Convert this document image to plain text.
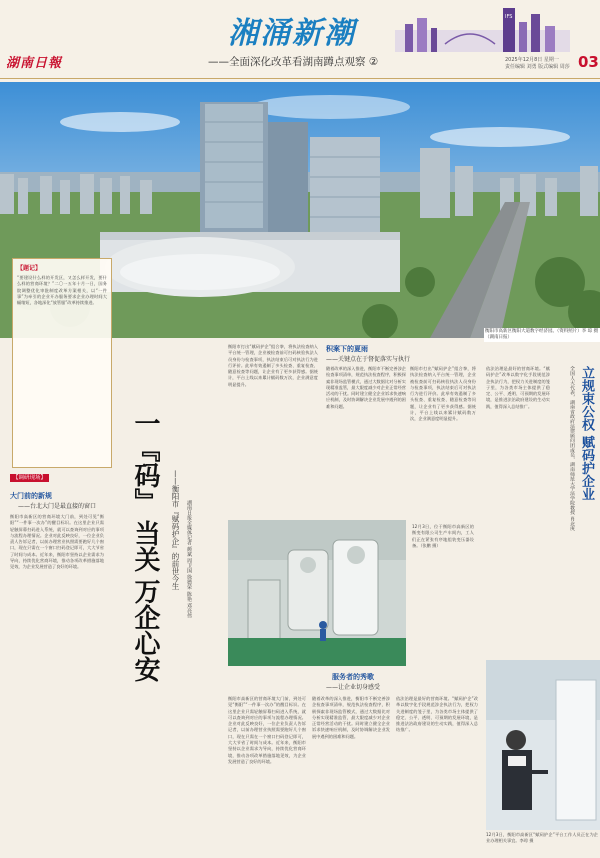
湖南日報
湘涌新潮
——全面深化改革看湖南蹲点观察 ②
IFS
2025年12月8日 星期一
责任编辑 刘勇 版式编辑 周莎 03
衡阳市高新区衡阳大道数字经济园。（资料照片）李 琼 摄（湖南日报）
【题记】
“要建设什么样的开发区，又怎么样开发，要什么样的营商环境？”二〇一五年十月一日，国务院调整优化审批制度改革方案相关，以“一件事”为牵引的企业开办服务要求企业办理时间大幅缩短，各地深化“放管服”改革持续推进。
【调研现场】
大门前的新规
——台北大门是最直接的窗口
衡阳市高新区的营商环境大门前，到处可见“衡阳”“一件事一次办”的醒目标识。在这里企业只需轻触屏幕扫码进入系统，就可以查询到对应的事项与流程办理情况。企业对此反映良好，一位企业负责人告诉记者，以前办理营业执照需要跑好几个窗口，现在只需在一个窗口扫码登记即可，大大节省了时间与成本。近年来，衡阳市坚持以企业需求为导向，持续优化营商环境，推动各项改革措施落地见效，为企业发展营造了良好的环境。
一
『码』
当关
万企心安
——衡阳市『赋码护企』的前世今生 湖南日报全媒体记者 颜斌 周卫国 徐德荣 陈艳 邓亮伟
衡阳市打出“赋码护企”组合拳，将执法检查纳入平台统一管理，企业被检查前可扫码核验执法人员身份与检查事项，执法结束后可对执法行为进行评价。此举有效遏制了多头检查、重复检查、随意检查等问题，让企业有了更多获得感。据统计，平台上线以来累计赋码数万次，企业满意度明显提升。
积案下的夏雨
——关键点在于督促落实与执行
随着改革的深入推进，衡阳市不断完善涉企检查事项清单，规范执法检查程序，积极探索非现场监管模式，通过大数据比对分析实现精准监管，最大限度减少对企业正常经营活动的干扰。同时建立健全企业诉求快速响应机制，及时协调解决企业发展中遇到的困难和问题。
衡阳市打出“赋码护企”组合拳，将执法检查纳入平台统一管理，企业被检查前可扫码核验执法人员身份与检查事项，执法结束后可对执法行为进行评价。此举有效遏制了多头检查、重复检查、随意检查等问题，让企业有了更多获得感。据统计，平台上线以来累计赋码数万次，企业满意度明显提升。
12月3日，位于衡阳市高新区的衡变有限公司生产车间内，工人们正在紧张有序地组装变压器设备。（张鹏 摄）
服务者的秀歌
——让企业切身感受
衡阳市高新区的营商环境大门前，到处可见“衡阳”“一件事一次办”的醒目标识。在这里企业只需轻触屏幕扫码进入系统，就可以查询到对应的事项与流程办理情况。企业对此反映良好，一位企业负责人告诉记者，以前办理营业执照需要跑好几个窗口，现在只需在一个窗口扫码登记即可，大大节省了时间与成本。近年来，衡阳市坚持以企业需求为导向，持续优化营商环境，推动各项改革措施落地见效，为企业发展营造了良好的环境。
随着改革的深入推进，衡阳市不断完善涉企检查事项清单，规范执法检查程序，积极探索非现场监管模式，通过大数据比对分析实现精准监管，最大限度减少对企业正常经营活动的干扰。同时建立健全企业诉求快速响应机制，及时协调解决企业发展中遇到的困难和问题。
依法治理是最好的营商环境。“赋码护企”改革以数字化手段规范涉企执法行为，把权力关进制度的笼子里，为各类市场主体提供了稳定、公平、透明、可预期的发展环境，是推进法治政府建设的生动实践，值得深入总结推广。
立规束公权 赋码护企业
全国人大代表，湖南省政府法律顾问团成员，湖南师范大学法学院教授 肖北庚
依法治理是最好的营商环境。“赋码护企”改革以数字化手段规范涉企执法行为，把权力关进制度的笼子里，为各类市场主体提供了稳定、公平、透明、可预期的发展环境，是推进法治政府建设的生动实践，值得深入总结推广。
12月3日，衡阳市高新区“赋码护企”平台工作人员正在为企业办理相关事宜。李琼 摄
